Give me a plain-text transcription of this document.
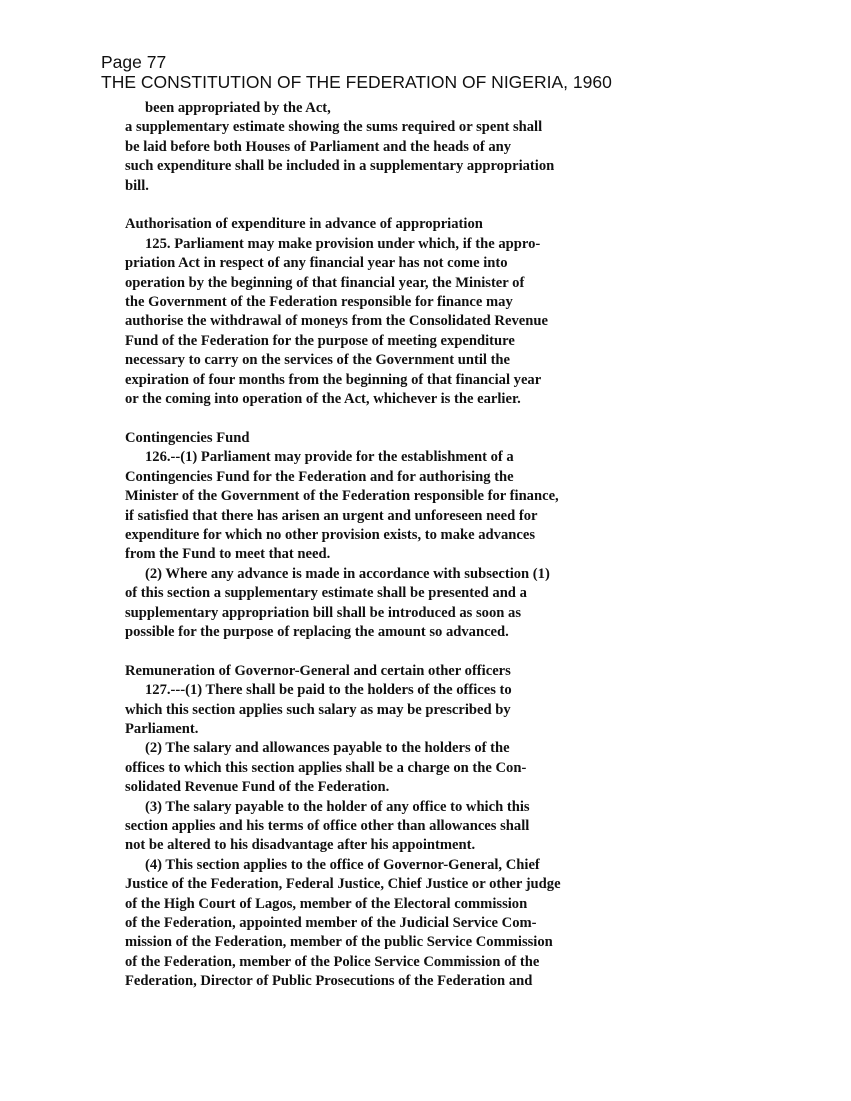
Page 77
THE CONSTITUTION OF THE FEDERATION OF NIGERIA, 1960
been appropriated by the Act,
a supplementary estimate showing the sums required or spent shall
be laid before both Houses of Parliament and the heads of any
such expenditure shall be included in a supplementary appropriation
bill.
Authorisation of expenditure in advance of appropriation
125. Parliament may make provision under which, if the appro-
priation Act in respect of any financial year has not come into
operation by the beginning of that financial year, the Minister of
the Government of the Federation responsible for finance may
authorise the withdrawal of moneys from the Consolidated Revenue
Fund of the Federation for the purpose of meeting expenditure
necessary to carry on the services of the Government until the
expiration of four months from the beginning of that financial year
or the coming into operation of the Act, whichever is the earlier.
Contingencies Fund
126.--(1) Parliament may provide for the establishment of a
Contingencies Fund for the Federation and for authorising the
Minister of the Government of the Federation responsible for finance,
if satisfied that there has arisen an urgent and unforeseen need for
expenditure for which no other provision exists, to make advances
from the Fund to meet that need.
(2) Where any advance is made in accordance with subsection (1)
of this section a supplementary estimate shall be presented and a
supplementary appropriation bill shall be introduced as soon as
possible for the purpose of replacing the amount so advanced.
Remuneration of Governor-General and certain other officers
127.---(1) There shall be paid to the holders of the offices to
which this section applies such salary as may be prescribed by
Parliament.
(2) The salary and allowances payable to the holders of the
offices to which this section applies shall be a charge on the Con-
solidated Revenue Fund of the Federation.
(3) The salary payable to the holder of any office to which this
section applies and his terms of office other than allowances shall
not be altered to his disadvantage after his appointment.
(4) This section applies to the office of Governor-General, Chief
Justice of the Federation, Federal Justice, Chief Justice or other judge
of the High Court of Lagos, member of the Electoral commission
of the Federation, appointed member of the Judicial Service Com-
mission of the Federation, member of the public Service Commission
of the Federation, member of the Police Service Commission of the
Federation, Director of Public Prosecutions of the Federation and
